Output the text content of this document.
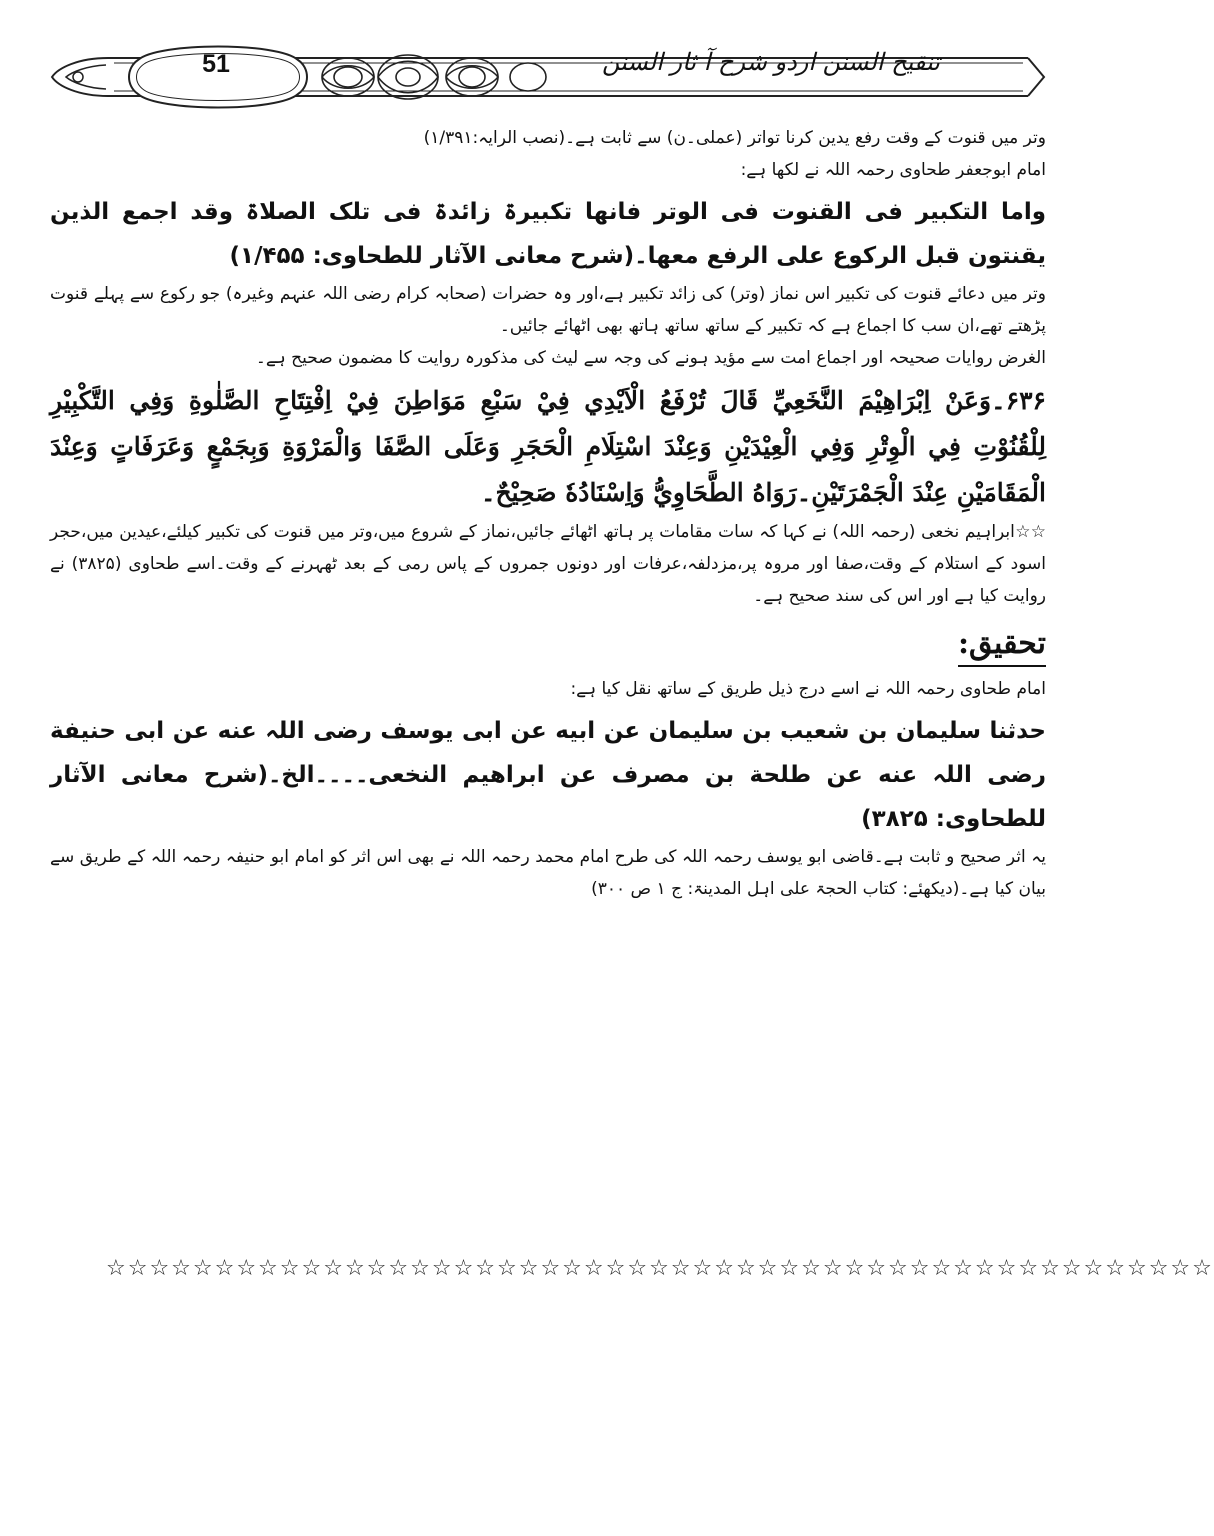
51	تنقیح السنن اردو شرح آ ثار السنن

وتر میں قنوت کے وقت رفع یدین کرنا تواتر (عملی۔ن) سے ثابت ہے۔(نصب الرایہ:۱/۳۹۱)

امام ابوجعفر طحاوی رحمہ اللہ نے لکھا ہے:

واما التکبیر فی القنوت فی الوتر فانھا تکبیرۃ زائدۃ فی تلک الصلاۃ وقد اجمع الذین یقنتون قبل الرکوع علی الرفع معھا۔(شرح معانی الآثار للطحاوی: ۱/۴۵۵)

وتر میں دعائے قنوت کی تکبیر اس نماز (وتر) کی زائد تکبیر ہے،اور وہ حضرات (صحابہ کرام رضی اللہ عنہم وغیرہ) جو رکوع سے پہلے قنوت پڑھتے تھے،ان سب کا اجماع ہے کہ تکبیر کے ساتھ ساتھ ہاتھ بھی اٹھائے جائیں۔

الغرض روایات صحیحہ اور اجماع امت سے مؤید ہونے کی وجہ سے لیث کی مذکورہ روایت کا مضمون صحیح ہے۔

۶۳۶۔وَعَنْ اِبْرَاهِيْمَ النَّخَعِيِّ قَالَ تُرْفَعُ الْاَيْدِي فِيْ سَبْعِ مَوَاطِنَ فِيْ اِفْتِتَاحِ الصَّلٰوةِ وَفِي التَّكْبِيْرِ لِلْقُنُوْتِ فِي الْوِتْرِ وَفِي الْعِيْدَيْنِ وَعِنْدَ اسْتِلَامِ الْحَجَرِ وَعَلَى الصَّفَا وَالْمَرْوَةِ وَبِجَمْعٍ وَعَرَفَاتٍ وَعِنْدَ الْمَقَامَيْنِ عِنْدَ الْجَمْرَتَيْنِ۔رَوَاهُ الطَّحَاوِيُّ وَاِسْنَادُهٗ صَحِيْحٌ۔

☆☆ابراہیم نخعی (رحمہ اللہ) نے کہا کہ سات مقامات پر ہاتھ اٹھائے جائیں،نماز کے شروع میں،وتر میں قنوت کی تکبیر کیلئے،عیدین میں،حجر اسود کے استلام کے وقت،صفا اور مروہ پر،مزدلفہ،عرفات اور دونوں جمروں کے پاس رمی کے بعد ٹھہرنے کے وقت۔اسے طحاوی (۳۸۲۵) نے روایت کیا ہے اور اس کی سند صحیح ہے۔

تحقیق:

امام طحاوی رحمہ اللہ نے اسے درج ذیل طریق کے ساتھ نقل کیا ہے:

حدثنا سلیمان بن شعیب بن سلیمان عن ابیه عن ابی یوسف رضی اللہ عنه عن ابی حنیفة رضی اللہ عنه عن طلحة بن مصرف عن ابراهیم النخعی۔۔۔۔الخ۔(شرح معانی الآثار للطحاوی: ۳۸۲۵)

یہ اثر صحیح و ثابت ہے۔قاضی ابو یوسف رحمہ اللہ کی طرح امام محمد رحمہ اللہ نے بھی اس اثر کو امام ابو حنیفہ رحمہ اللہ کے طریق سے بیان کیا ہے۔(دیکھئے: کتاب الحجۃ علی اہل المدینۃ: ج ۱ ص ۳۰۰)

☆☆☆☆☆☆☆☆☆☆☆☆☆☆☆☆☆☆☆☆☆☆☆☆☆☆☆☆☆☆☆☆☆☆☆☆☆☆☆☆☆☆☆☆☆☆☆☆☆☆☆
